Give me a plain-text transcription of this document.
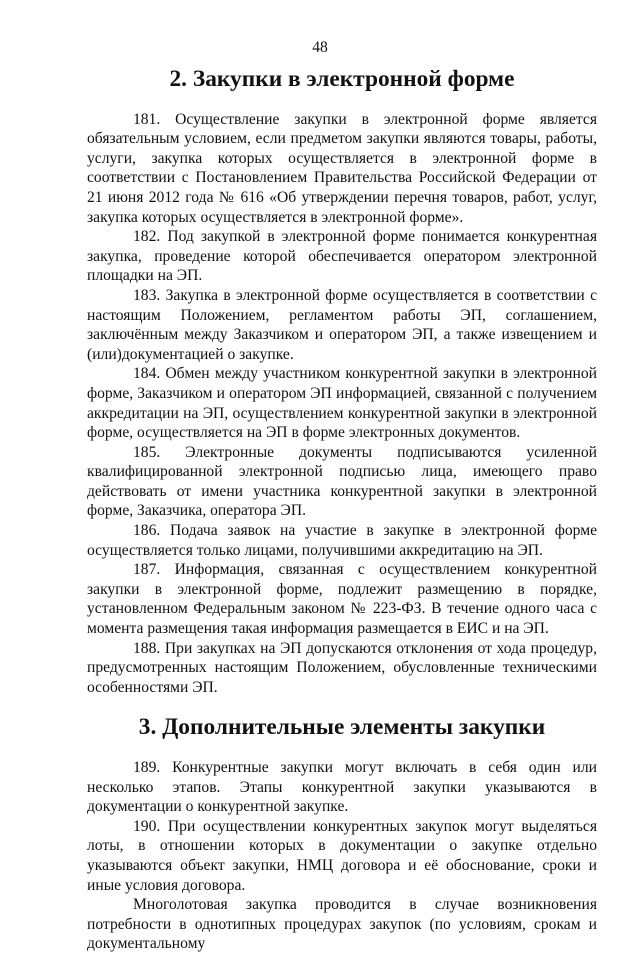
48
2. Закупки в электронной форме

181. Осуществление закупки в электронной форме является обязательным условием, если предметом закупки являются товары, работы, услуги, закупка которых осуществляется в электронной форме в соответствии с Постановлением Правительства Российской Федерации от 21 июня 2012 года № 616 «Об утверждении перечня товаров, работ, услуг, закупка которых осуществляется в электронной форме».

182. Под закупкой в электронной форме понимается конкурентная закупка, проведение которой обеспечивается оператором электронной площадки на ЭП.

183. Закупка в электронной форме осуществляется в соответствии с настоящим Положением, регламентом работы ЭП, соглашением, заключённым между Заказчиком и оператором ЭП, а также извещением и (или)документацией о закупке.

184. Обмен между участником конкурентной закупки в электронной форме, Заказчиком и оператором ЭП информацией, связанной с получением аккредитации на ЭП, осуществлением конкурентной закупки в электронной форме, осуществляется на ЭП в форме электронных документов.

185. Электронные документы подписываются усиленной квалифицированной электронной подписью лица, имеющего право действовать от имени участника конкурентной закупки в электронной форме, Заказчика, оператора ЭП.

186. Подача заявок на участие в закупке в электронной форме осуществляется только лицами, получившими аккредитацию на ЭП.

187. Информация, связанная с осуществлением конкурентной закупки в электронной форме, подлежит размещению в порядке, установленном Федеральным законом № 223-ФЗ. В течение одного часа с момента размещения такая информация размещается в ЕИС и на ЭП.

188. При закупках на ЭП допускаются отклонения от хода процедур, предусмотренных настоящим Положением, обусловленные техническими особенностями ЭП.

3. Дополнительные элементы закупки

189. Конкурентные закупки могут включать в себя один или несколько этапов. Этапы конкурентной закупки указываются в документации о конкурентной закупке.

190. При осуществлении конкурентных закупок могут выделяться лоты, в отношении которых в документации о закупке отдельно указываются объект закупки, НМЦ договора и её обоснование, сроки и иные условия договора.

Многолотовая закупка проводится в случае возникновения потребности в однотипных процедурах закупок (по условиям, срокам и документальному
